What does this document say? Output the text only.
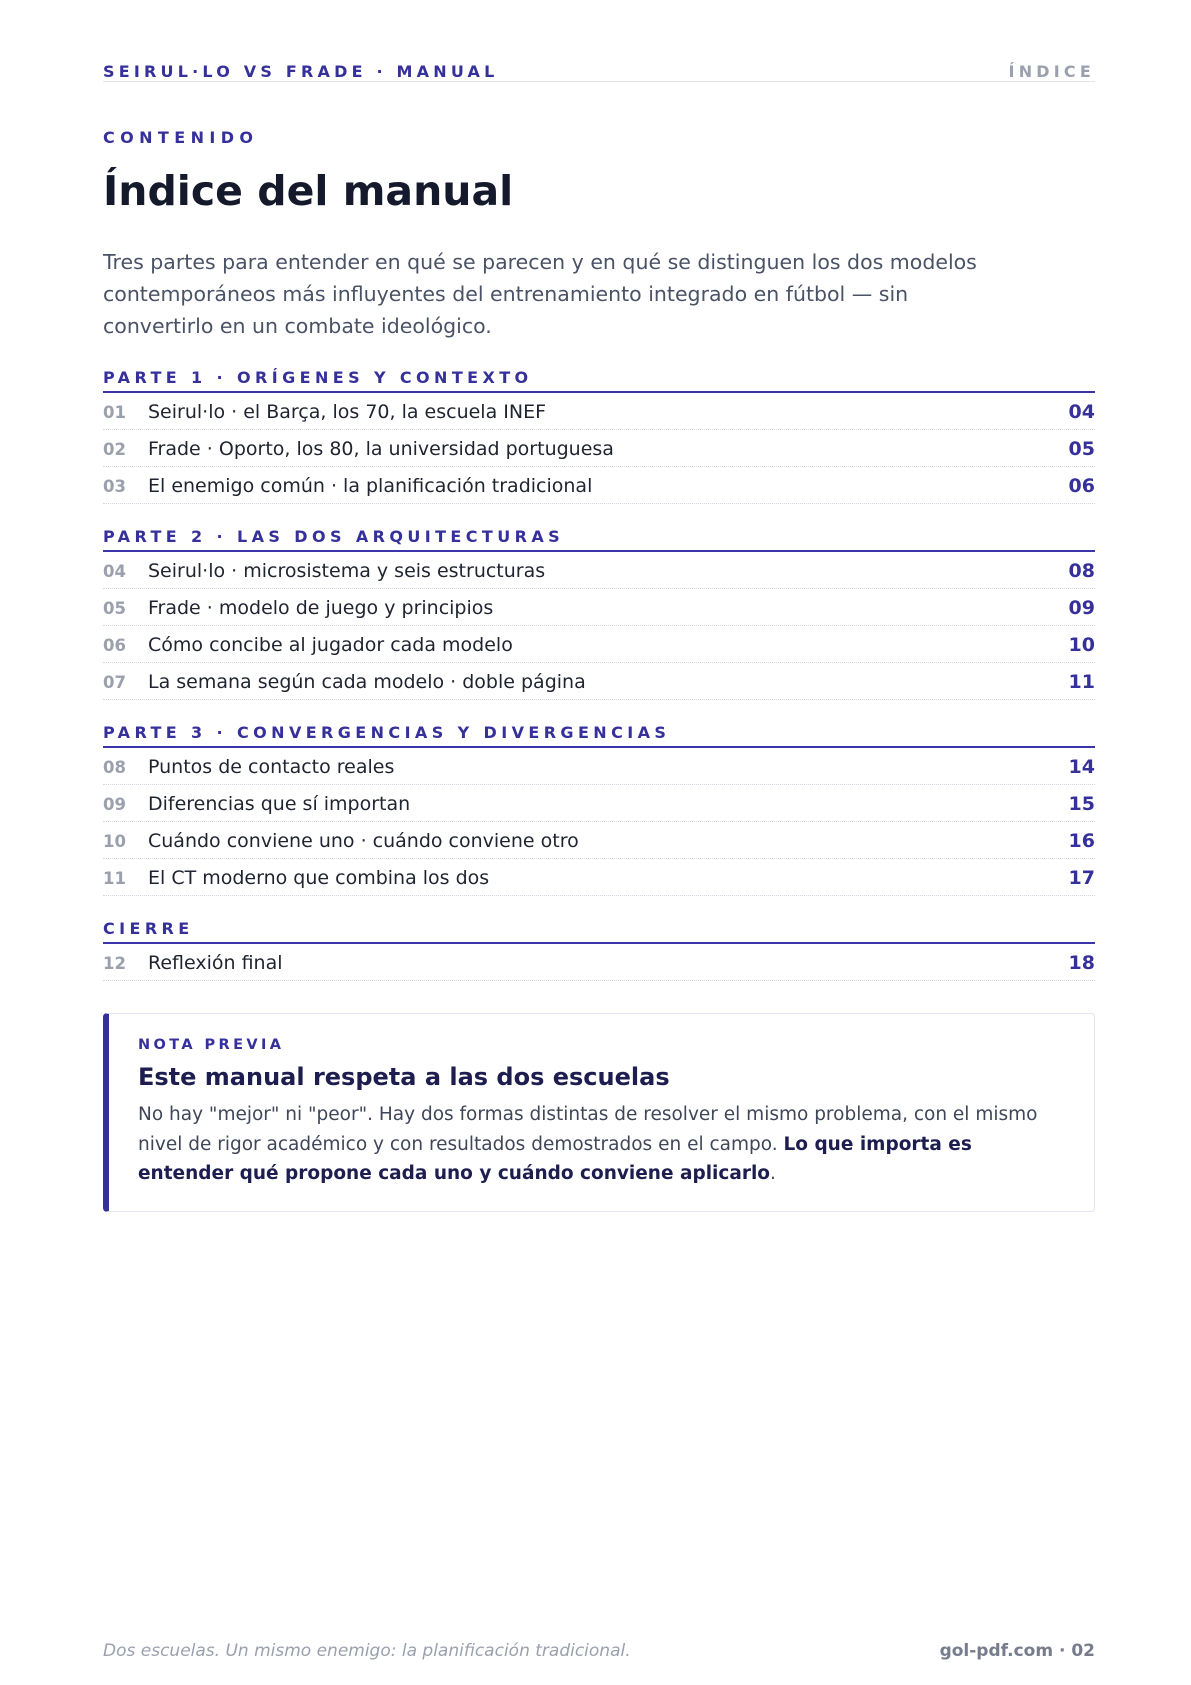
SEIRUL·LO VS FRADE · MANUAL	ÍNDICE
CONTENIDO
Índice del manual

Tres partes para entender en qué se parecen y en qué se distinguen los dos modelos contemporáneos más influyentes del entrenamiento integrado en fútbol — sin convertirlo en un combate ideológico.

PARTE 1 · ORÍGENES Y CONTEXTO
01 Seirul·lo · el Barça, los 70, la escuela INEF	04
02 Frade · Oporto, los 80, la universidad portuguesa	05
03 El enemigo común · la planificación tradicional	06
PARTE 2 · LAS DOS ARQUITECTURAS
04 Seirul·lo · microsistema y seis estructuras	08
05 Frade · modelo de juego y principios	09
06 Cómo concibe al jugador cada modelo	10
07 La semana según cada modelo · doble página	11
PARTE 3 · CONVERGENCIAS Y DIVERGENCIAS
08 Puntos de contacto reales	14
09 Diferencias que sí importan	15
10 Cuándo conviene uno · cuándo conviene otro	16
11 El CT moderno que combina los dos	17
CIERRE
12 Reflexión final	18
NOTA PREVIA
Este manual respeta a las dos escuelas

No hay "mejor" ni "peor". Hay dos formas distintas de resolver el mismo problema, con el mismo nivel de rigor académico y con resultados demostrados en el campo. Lo que importa es entender qué propone cada uno y cuándo conviene aplicarlo.

Dos escuelas. Un mismo enemigo: la planificación tradicional.	gol-pdf.com · 02
